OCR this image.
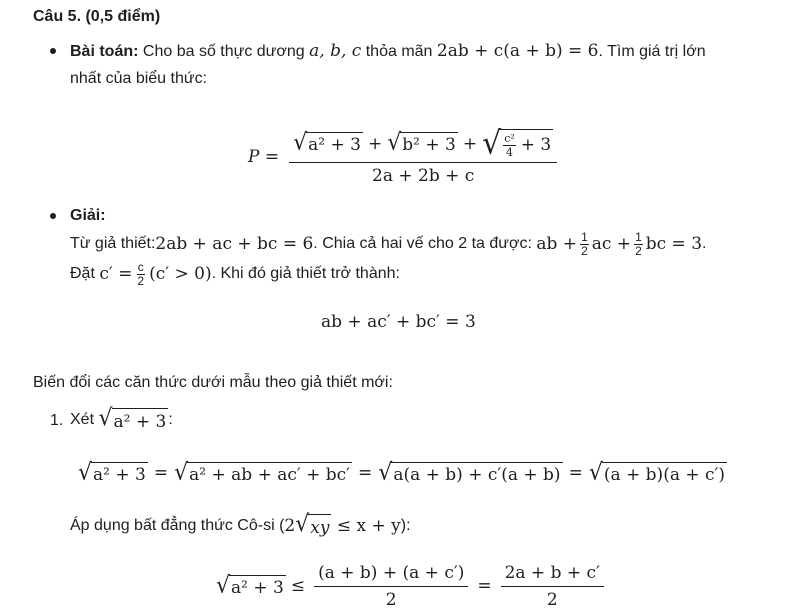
Câu 5. (0,5 điểm)
Bài toán: Cho ba số thực dương a, b, c thỏa mãn 2ab + c(a + b) = 6. Tìm giá trị lớn
nhất của biểu thức:
P =
√ a² + 3 + √ b² + 3 + √ $\frac{\text{c²}}{4} + 3$
2a + 2b + c
Giải:
Từ giả thiết: 2ab + ac + bc = 6 . Chia cả hai vế cho 2 ta được: ab + $\frac{1}{2}$ ac + $\frac{1}{2}$ bc = 3 .
Đặt $c' = \frac{c}{2} (c' > 0)$ . Khi đó giả thiết trở thành:
ab + ac′ + bc′ = 3
Biến đổi các căn thức dưới mẫu theo giả thiết mới:
1. Xét √ a² + 3 :
√ a² + 3 = √ a² + ab + ac′ + bc′ = √ a(a + b) + c′(a + b) = √ (a + b)(a + c′)
Áp dụng bất đẳng thức Cô-si ( 2 √ xy ≤ x + y ):
√ $a^2 + 3 \le \frac{(a + b) + (a + c')}{2} = \frac{2a + b + c'}{2}$
